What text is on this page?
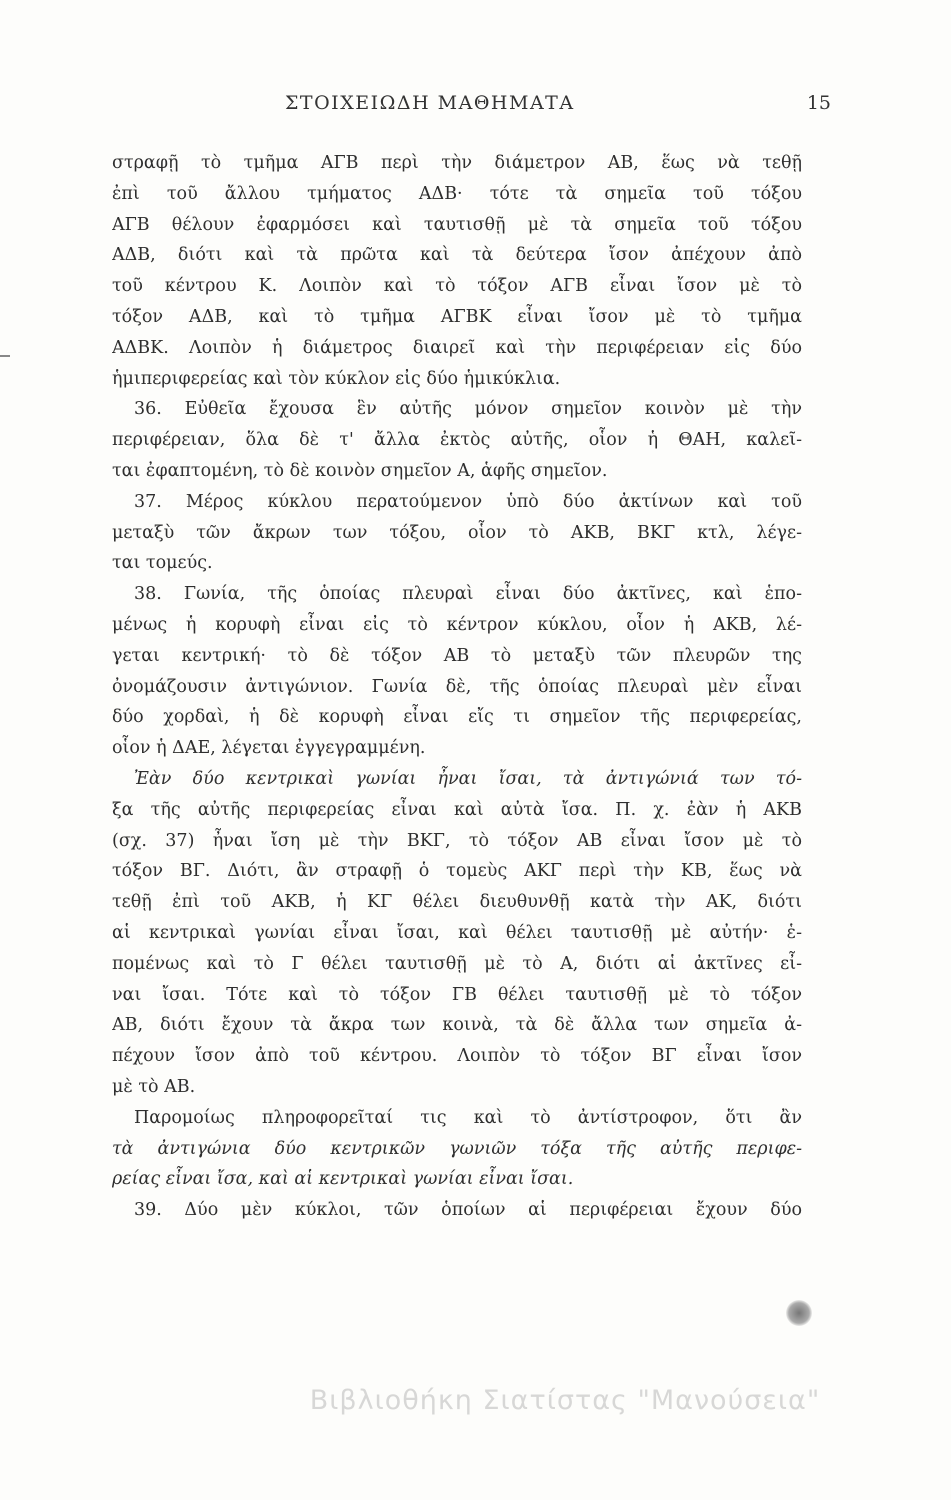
ΣΤΟΙΧΕΙΩΔΗ ΜΑΘΗΜΑΤΑ	15
στραφῇ τὸ τμῆμα ΑΓΒ περὶ τὴν διάμετρον ΑΒ, ἕως νὰ τεθῇ
ἐπὶ τοῦ ἄλλου τμήματος ΑΔΒ· τότε τὰ σημεῖα τοῦ τόξου
ΑΓΒ θέλουν ἐφαρμόσει καὶ ταυτισθῇ μὲ τὰ σημεῖα τοῦ τόξου
ΑΔΒ, διότι καὶ τὰ πρῶτα καὶ τὰ δεύτερα ἴσον ἀπέχουν ἀπὸ
τοῦ κέντρου Κ. Λοιπὸν καὶ τὸ τόξον ΑΓΒ εἶναι ἴσον μὲ τὸ
τόξον ΑΔΒ, καὶ τὸ τμῆμα ΑΓΒΚ εἶναι ἴσον μὲ τὸ τμῆμα
ΑΔΒΚ. Λοιπὸν ἡ διάμετρος διαιρεῖ καὶ τὴν περιφέρειαν εἰς δύο
ἡμιπεριφερείας καὶ τὸν κύκλον εἰς δύο ἡμικύκλια.
36. Εὐθεῖα ἔχουσα ἓν αὐτῆς μόνον σημεῖον κοινὸν μὲ τὴν
περιφέρειαν, ὅλα δὲ τ' ἄλλα ἐκτὸς αὐτῆς, οἷον ἡ ΘΑΗ, καλεῖ-
ται ἐφαπτομένη, τὸ δὲ κοινὸν σημεῖον Α, ἁφῆς σημεῖον.
37. Μέρος κύκλου περατούμενον ὑπὸ δύο ἀκτίνων καὶ τοῦ
μεταξὺ τῶν ἄκρων των τόξου, οἷον τὸ ΑΚΒ, ΒΚΓ κτλ, λέγε-
ται τομεύς.
38. Γωνία, τῆς ὁποίας πλευραὶ εἶναι δύο ἀκτῖνες, καὶ ἑπο-
μένως ἡ κορυφὴ εἶναι εἰς τὸ κέντρον κύκλου, οἷον ἡ ΑΚΒ, λέ-
γεται κεντρική· τὸ δὲ τόξον ΑΒ τὸ μεταξὺ τῶν πλευρῶν της
ὀνομάζουσιν ἀντιγώνιον. Γωνία δὲ, τῆς ὁποίας πλευραὶ μὲν εἶναι
δύο χορδαὶ, ἡ δὲ κορυφὴ εἶναι εἴς τι σημεῖον τῆς περιφερείας,
οἷον ἡ ΔΑΕ, λέγεται ἐγγεγραμμένη.
Ἐὰν δύο κεντρικαὶ γωνίαι ἦναι ἴσαι, τὰ ἀντιγώνιά των τό-
ξα τῆς αὐτῆς περιφερείας εἶναι καὶ αὐτὰ ἴσα. Π. χ. ἐὰν ἡ ΑΚΒ
(σχ. 37) ἦναι ἴση μὲ τὴν ΒΚΓ, τὸ τόξον ΑΒ εἶναι ἴσον μὲ τὸ
τόξον ΒΓ. Διότι, ἂν στραφῇ ὁ τομεὺς ΑΚΓ περὶ τὴν ΚΒ, ἕως νὰ
τεθῇ ἐπὶ τοῦ ΑΚΒ, ἡ ΚΓ θέλει διευθυνθῇ κατὰ τὴν ΑΚ, διότι
αἱ κεντρικαὶ γωνίαι εἶναι ἴσαι, καὶ θέλει ταυτισθῇ μὲ αὐτήν· ἑ-
πομένως καὶ τὸ Γ θέλει ταυτισθῇ μὲ τὸ Α, διότι αἱ ἀκτῖνες εἶ-
ναι ἴσαι. Τότε καὶ τὸ τόξον ΓΒ θέλει ταυτισθῇ μὲ τὸ τόξον
ΑΒ, διότι ἔχουν τὰ ἄκρα των κοινὰ, τὰ δὲ ἄλλα των σημεῖα ἀ-
πέχουν ἴσον ἀπὸ τοῦ κέντρου. Λοιπὸν τὸ τόξον ΒΓ εἶναι ἴσον
μὲ τὸ ΑΒ.
Παρομοίως πληροφορεῖταί τις καὶ τὸ ἀντίστροφον, ὅτι ἂν
τὰ ἀντιγώνια δύο κεντρικῶν γωνιῶν τόξα τῆς αὐτῆς περιφε-
ρείας εἶναι ἴσα, καὶ αἱ κεντρικαὶ γωνίαι εἶναι ἴσαι.
39. Δύο μὲν κύκλοι, τῶν ὁποίων αἱ περιφέρειαι ἔχουν δύο
Βιβλιοθήκη Σιατίστας "Μανούσεια"
